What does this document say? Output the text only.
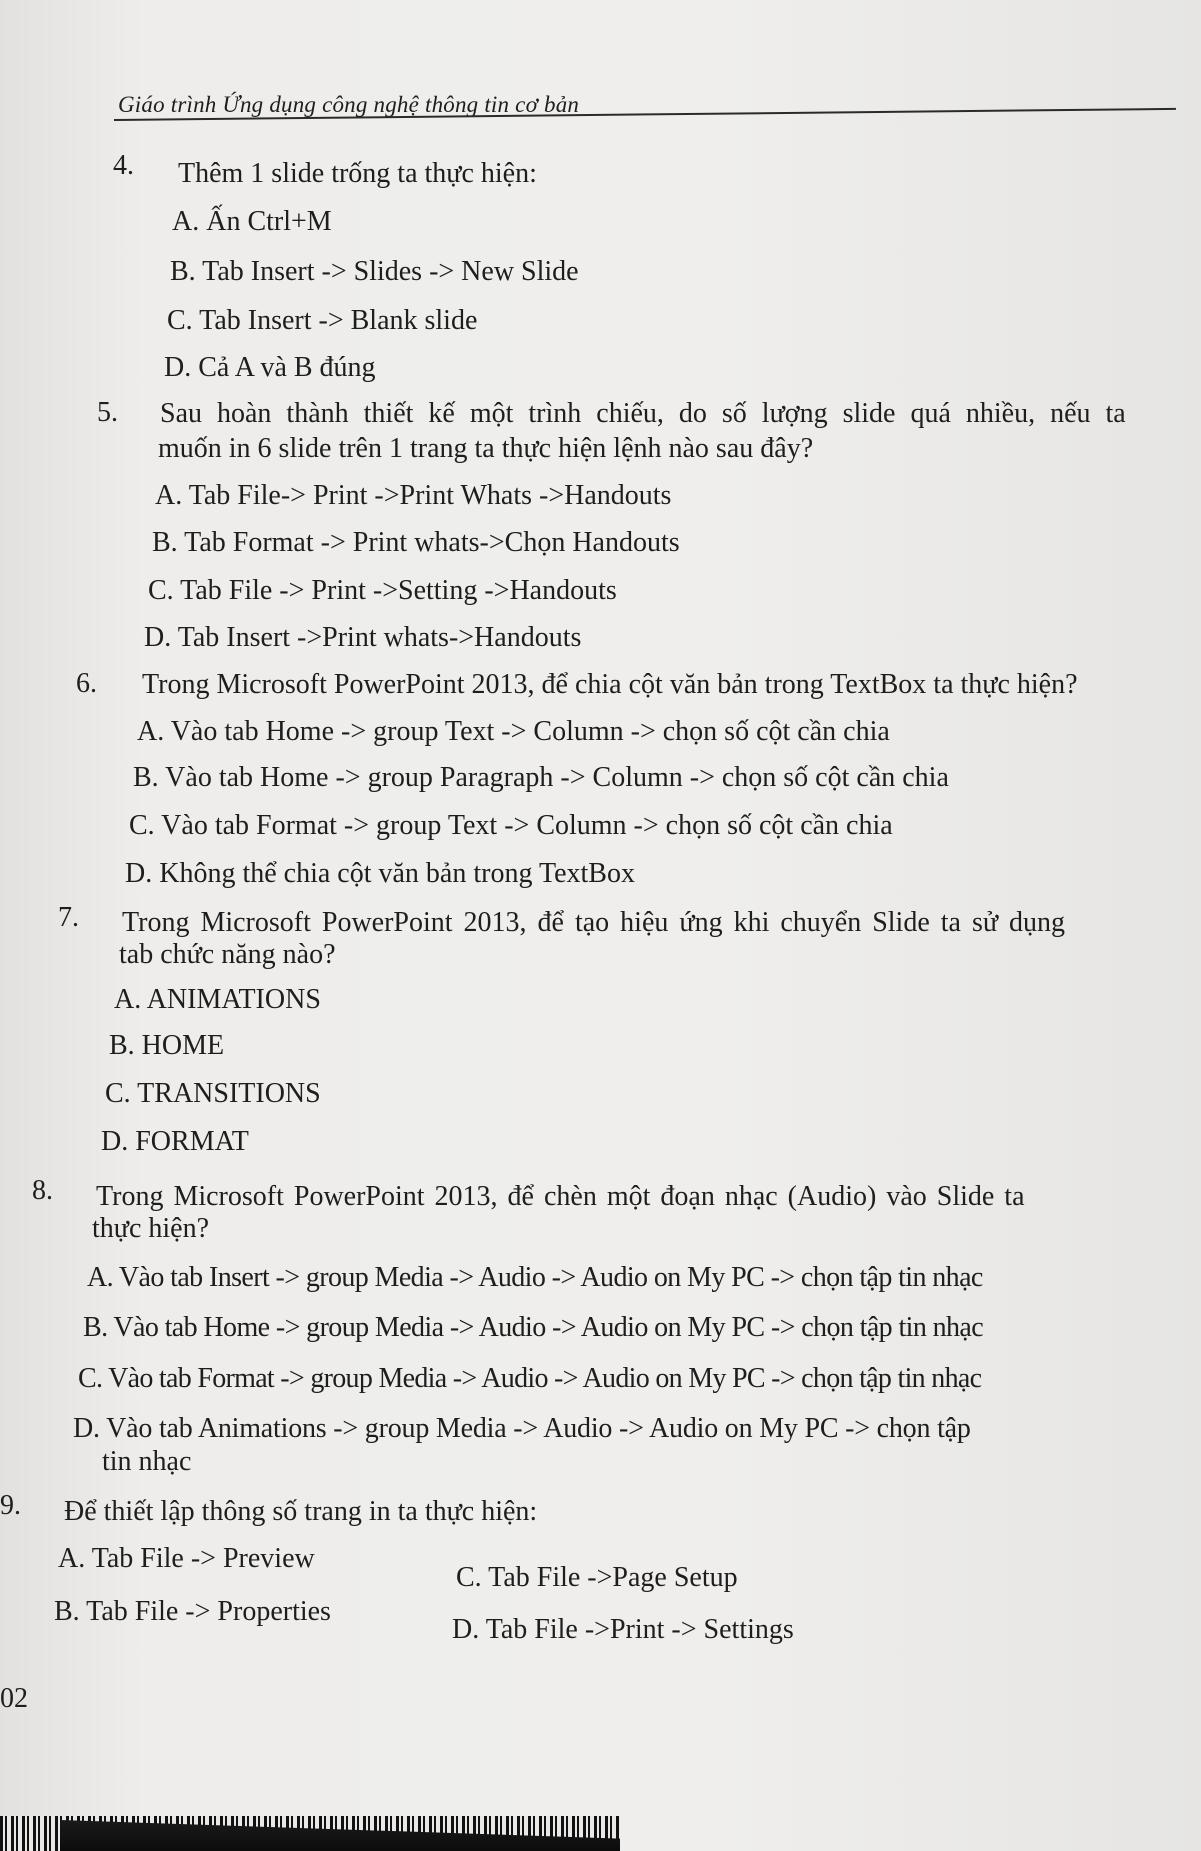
Giáo trình Ứng dụng công nghệ thông tin cơ bản
4. Thêm 1 slide trống ta thực hiện:
A. Ấn Ctrl+M
B. Tab Insert -> Slides -> New Slide
C. Tab Insert -> Blank slide
D. Cả A và B đúng
5. Sau hoàn thành thiết kế một trình chiếu, do số lượng slide quá nhiều, nếu ta
muốn in 6 slide trên 1 trang ta thực hiện lệnh nào sau đây?
A. Tab File-> Print ->Print Whats ->Handouts
B. Tab Format -> Print whats->Chọn Handouts
C. Tab File -> Print ->Setting ->Handouts
D. Tab Insert ->Print whats->Handouts
6. Trong Microsoft PowerPoint 2013, để chia cột văn bản trong TextBox ta thực hiện?
A. Vào tab Home -> group Text -> Column -> chọn số cột cần chia
B. Vào tab Home -> group Paragraph -> Column -> chọn số cột cần chia
C. Vào tab Format -> group Text -> Column -> chọn số cột cần chia
D. Không thể chia cột văn bản trong TextBox
7. Trong Microsoft PowerPoint 2013, để tạo hiệu ứng khi chuyển Slide ta sử dụng
tab chức năng nào?
A. ANIMATIONS
B. HOME
C. TRANSITIONS
D. FORMAT
8. Trong Microsoft PowerPoint 2013, để chèn một đoạn nhạc (Audio) vào Slide ta
thực hiện?
A. Vào tab Insert -> group Media -> Audio -> Audio on My PC -> chọn tập tin nhạc
B. Vào tab Home -> group Media -> Audio -> Audio on My PC -> chọn tập tin nhạc
C. Vào tab Format -> group Media -> Audio -> Audio on My PC -> chọn tập tin nhạc
D. Vào tab Animations -> group Media -> Audio -> Audio on My PC -> chọn tập
tin nhạc
9. Để thiết lập thông số trang in ta thực hiện:
A. Tab File -> Preview
B. Tab File -> Properties
C. Tab File ->Page Setup
D. Tab File ->Print -> Settings
02
